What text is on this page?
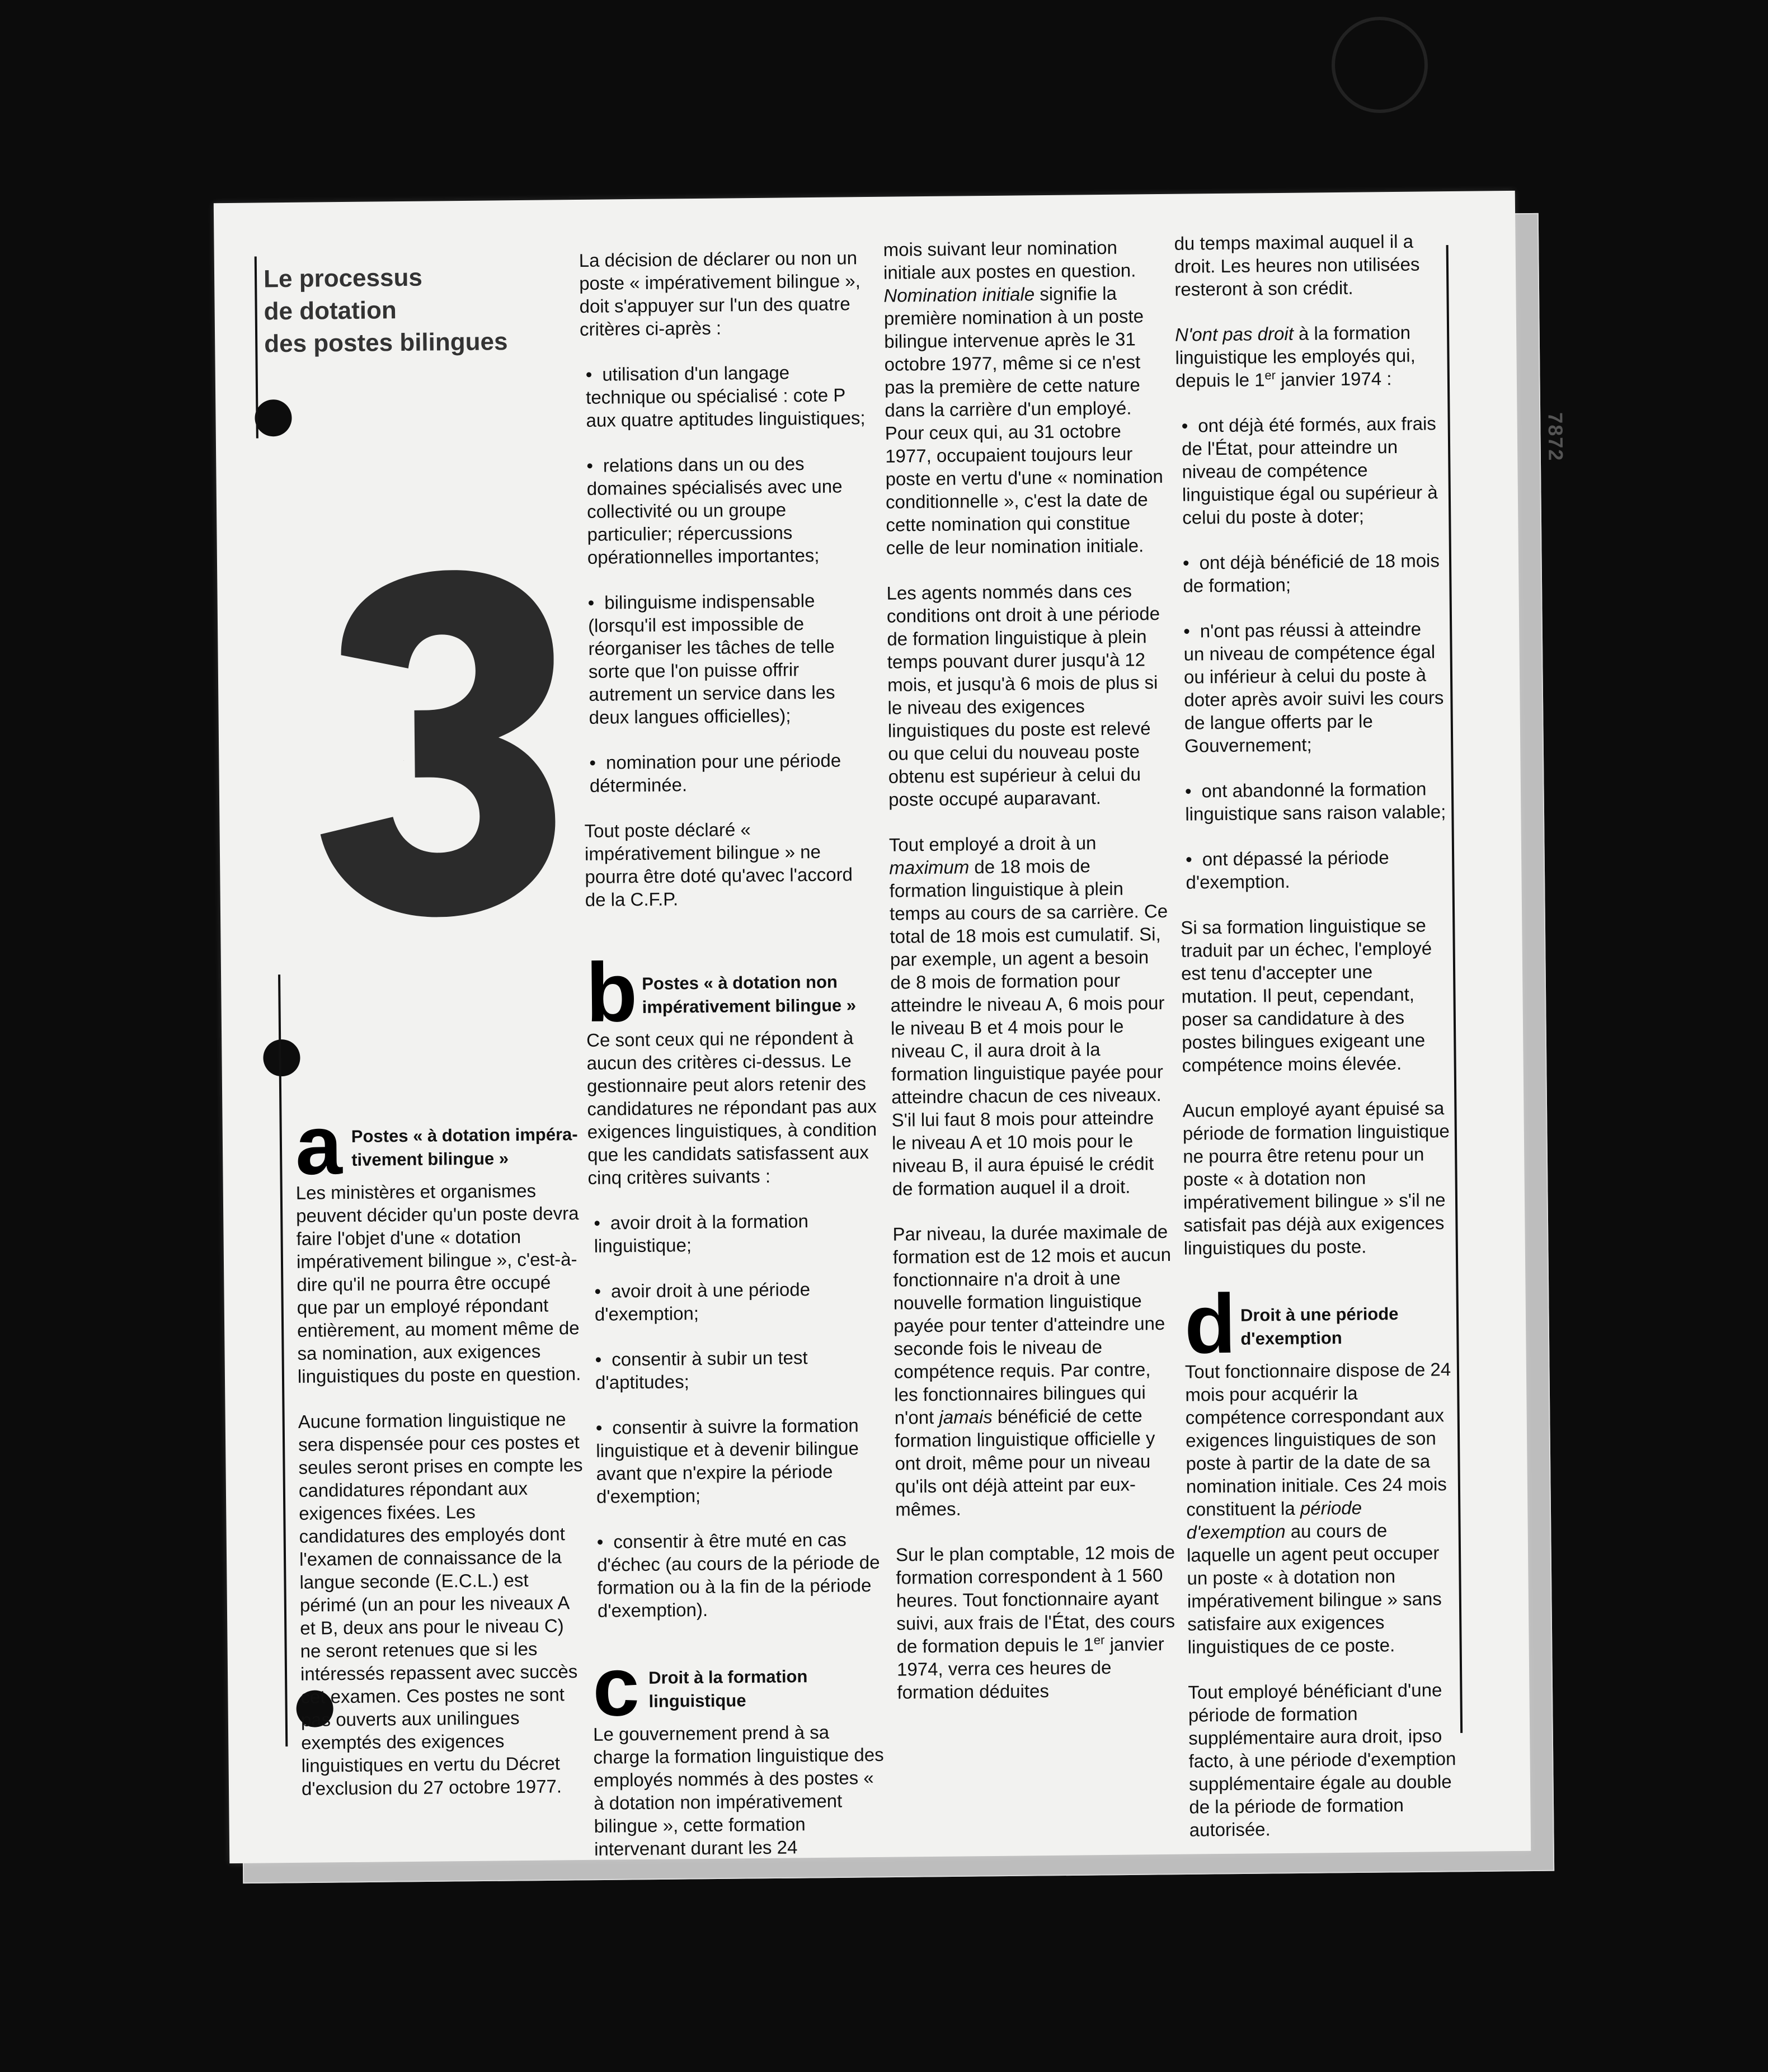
7872
Le processus
de dotation
des postes bilingues
3
a Postes « à dotation impéra-
tivement bilingue »

Les ministères et organismes peuvent décider qu'un poste devra faire l'objet d'une « dotation impérativement bilingue », c'est-à-dire qu'il ne pourra être occupé que par un employé répondant entièrement, au moment même de sa nomination, aux exigences linguistiques du poste en question.

Aucune formation linguistique ne sera dispensée pour ces postes et seules seront prises en compte les candidatures répondant aux exigences fixées. Les candidatures des employés dont l'examen de connaissance de la langue seconde (E.C.L.) est périmé (un an pour les niveaux A et B, deux ans pour le niveau C) ne seront retenues que si les intéressés repassent avec succès cet examen. Ces postes ne sont pas ouverts aux unilingues exemptés des exigences linguistiques en vertu du Décret d'exclusion du 27 octobre 1977.

La décision de déclarer ou non un poste « impérativement bilingue », doit s'appuyer sur l'un des quatre critères ci-après :

• utilisation d'un langage technique ou spécialisé : cote P aux quatre aptitudes linguistiques;
• relations dans un ou des domaines spécialisés avec une collectivité ou un groupe particulier; répercussions opérationnelles importantes;
• bilinguisme indispensable (lorsqu'il est impossible de réorganiser les tâches de telle sorte que l'on puisse offrir autrement un service dans les deux langues officielles);
• nomination pour une période déterminée.

Tout poste déclaré « impérativement bilingue » ne pourra être doté qu'avec l'accord de la C.F.P.

b Postes « à dotation non
impérativement bilingue »

Ce sont ceux qui ne répondent à aucun des critères ci-dessus. Le gestionnaire peut alors retenir des candidatures ne répondant pas aux exigences linguistiques, à condition que les candidats satisfassent aux cinq critères suivants :

• avoir droit à la formation linguistique;
• avoir droit à une période d'exemption;
• consentir à subir un test d'aptitudes;
• consentir à suivre la formation linguistique et à devenir bilingue avant que n'expire la période d'exemption;
• consentir à être muté en cas d'échec (au cours de la période de formation ou à la fin de la période d'exemption).
c Droit à la formation
linguistique

Le gouvernement prend à sa charge la formation linguistique des employés nommés à des postes « à dotation non impérativement bilingue », cette formation intervenant durant les 24

mois suivant leur nomination initiale aux postes en question. Nomination initiale signifie la première nomination à un poste bilingue intervenue après le 31 octobre 1977, même si ce n'est pas la première de cette nature dans la carrière d'un employé. Pour ceux qui, au 31 octobre 1977, occupaient toujours leur poste en vertu d'une « nomination conditionnelle », c'est la date de cette nomination qui constitue celle de leur nomination initiale.

Les agents nommés dans ces conditions ont droit à une période de formation linguistique à plein temps pouvant durer jusqu'à 12 mois, et jusqu'à 6 mois de plus si le niveau des exigences linguistiques du poste est relevé ou que celui du nouveau poste obtenu est supérieur à celui du poste occupé auparavant.

Tout employé a droit à un maximum de 18 mois de formation linguistique à plein temps au cours de sa carrière. Ce total de 18 mois est cumulatif. Si, par exemple, un agent a besoin de 8 mois de formation pour atteindre le niveau A, 6 mois pour le niveau B et 4 mois pour le niveau C, il aura droit à la formation linguistique payée pour atteindre chacun de ces niveaux. S'il lui faut 8 mois pour atteindre le niveau A et 10 mois pour le niveau B, il aura épuisé le crédit de formation auquel il a droit.

Par niveau, la durée maximale de formation est de 12 mois et aucun fonctionnaire n'a droit à une nouvelle formation linguistique payée pour tenter d'atteindre une seconde fois le niveau de compétence requis. Par contre, les fonctionnaires bilingues qui n'ont jamais bénéficié de cette formation linguistique officielle y ont droit, même pour un niveau qu'ils ont déjà atteint par eux-mêmes.

Sur le plan comptable, 12 mois de formation correspondent à 1 560 heures. Tout fonctionnaire ayant suivi, aux frais de l'État, des cours de formation depuis le 1er janvier 1974, verra ces heures de formation déduites

du temps maximal auquel il a droit. Les heures non utilisées resteront à son crédit.

N'ont pas droit à la formation linguistique les employés qui, depuis le 1er janvier 1974 :

• ont déjà été formés, aux frais de l'État, pour atteindre un niveau de compétence linguistique égal ou supérieur à celui du poste à doter;
• ont déjà bénéficié de 18 mois de formation;
• n'ont pas réussi à atteindre un niveau de compétence égal ou inférieur à celui du poste à doter après avoir suivi les cours de langue offerts par le Gouvernement;
• ont abandonné la formation linguistique sans raison valable;
• ont dépassé la période d'exemption.

Si sa formation linguistique se traduit par un échec, l'employé est tenu d'accepter une mutation. Il peut, cependant, poser sa candidature à des postes bilingues exigeant une compétence moins élevée.

Aucun employé ayant épuisé sa période de formation linguistique ne pourra être retenu pour un poste « à dotation non impérativement bilingue » s'il ne satisfait pas déjà aux exigences linguistiques du poste.

d Droit à une période
d'exemption

Tout fonctionnaire dispose de 24 mois pour acquérir la compétence correspondant aux exigences linguistiques de son poste à partir de la date de sa nomination initiale. Ces 24 mois constituent la période d'exemption au cours de laquelle un agent peut occuper un poste « à dotation non impérativement bilingue » sans satisfaire aux exigences linguistiques de ce poste.

Tout employé bénéficiant d'une période de formation supplémentaire aura droit, ipso facto, à une période d'exemption supplémentaire égale au double de la période de formation autorisée.
